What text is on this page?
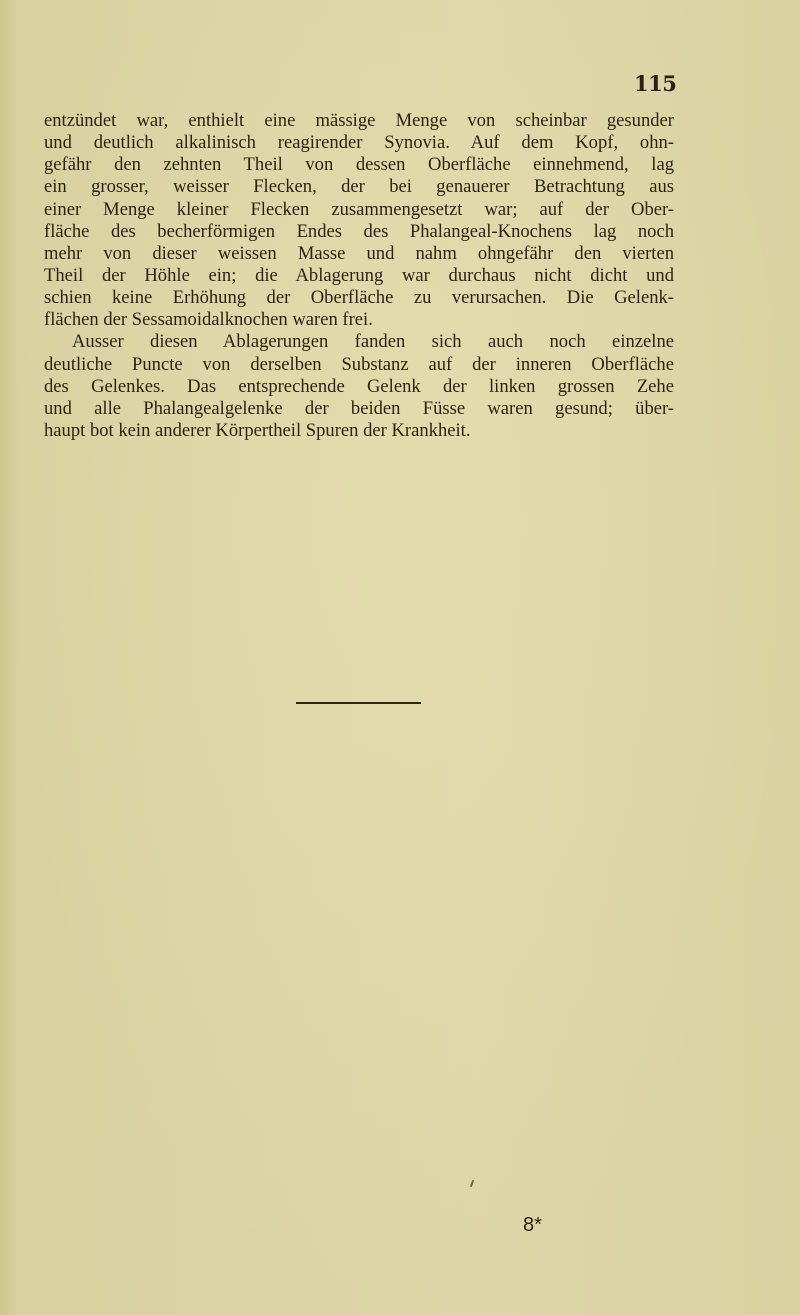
115
entzündet war, enthielt eine mässige Menge von scheinbar gesunder
und deutlich alkalinisch reagirender Synovia. Auf dem Kopf, ohn-
gefähr den zehnten Theil von dessen Oberfläche einnehmend, lag
ein grosser, weisser Flecken, der bei genauerer Betrachtung aus
einer Menge kleiner Flecken zusammengesetzt war; auf der Ober-
fläche des becherförmigen Endes des Phalangeal-Knochens lag noch
mehr von dieser weissen Masse und nahm ohngefähr den vierten
Theil der Höhle ein; die Ablagerung war durchaus nicht dicht und
schien keine Erhöhung der Oberfläche zu verursachen. Die Gelenk-
flächen der Sessamoidalknochen waren frei.
Ausser diesen Ablagerungen fanden sich auch noch einzelne
deutliche Puncte von derselben Substanz auf der inneren Oberfläche
des Gelenkes. Das entsprechende Gelenk der linken grossen Zehe
und alle Phalangealgelenke der beiden Füsse waren gesund; über-
haupt bot kein anderer Körpertheil Spuren der Krankheit.
8*
